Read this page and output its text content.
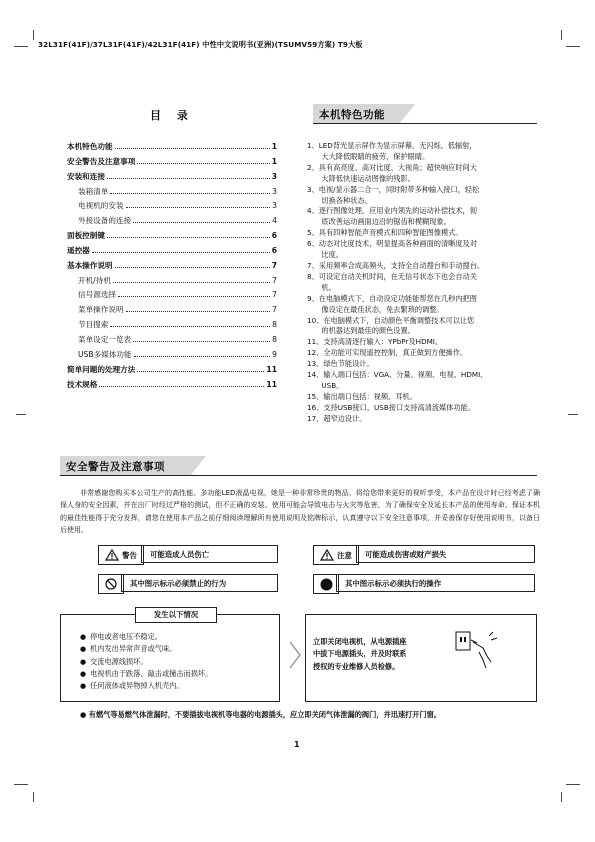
32L31F(41F)/37L31F(41F)/42L31F(41F) 中性中文说明书(亚洲)(TSUMV59方案) T9大板
目 录
本机特色功能	1
安全警告及注意事项	1
安装和连接	3
装箱清单	3
电视机的安装	3
外接设备的连接	4
面板控制键	6
遥控器	6
基本操作说明	7
开机/待机	7
信号源选择	7
菜单操作说明	7
节目搜索	8
菜单设定一览表	8
USB多媒体功能	9
简单问题的处理方法	11
技术规格	11
本机特色功能
1、LED背光显示屏作为显示屏幕，无闪烁、低辐射，
　　大大降低眼睛的疲劳，保护眼睛。
2、具有高亮度、高对比度、大视角；超快响应时间大
　　大降低快速运动图像的残影。
3、电视/显示器二合一，同时附带多种输入接口，轻松
　　切换各种状态。
4、逐行图像处理，应用业内领先的运动补偿技术，彻
　　底改善运动画面边沿的锯齿和模糊现象。
5、具有四种智能声音模式和四种智能图像模式。
6、动态对比度技术，明显提高各种画面的清晰度及对
　　比度。
7、采用频率合成高频头，支持全自动搜台和手动搜台。
8、可设定自动关机时间，在无信号状态下也会自动关
　　机。
9、在电脑模式下，自动设定功能能帮您在几秒内把图
　　像设定在最佳状态，免去繁琐的调整。
10、在电脑模式下，自动颜色平衡调整技术可以让您
　　的机器达到最佳的颜色设置。
11、支持高清逐行输入：YPbPr及HDMI。
12、全功能可实现遥控控制，真正做到方便操作。
13、绿色节能设计。
14、输入端口包括：VGA、分量、视频、电视、HDMI、
　　USB。
15、输出端口包括：视频、耳机。
16、支持USB接口，USB接口支持高清流媒体功能。
17、超窄边设计。
安全警告及注意事项
非常感谢您购买本公司生产的高性能、多功能LED液晶电视，她是一种非常珍贵的物品，将给您带来更好的视听享受，本产品在设计时已经考虑了确保人身的安全因素，并在出厂时经过严格的测试，但不正确的安装、使用可能会导致电击与火灾等危害，为了确保安全及延长本产品的使用寿命、保证本机的最佳性能得于充分发挥，请您在使用本产品之前仔细阅读理解所有使用说明及铭牌标示，认真遵守以下安全注意事项，并妥善保存好使用说明书，以备日后使用。
警告	可能造成人员伤亡	注意	可能造成伤害或财产损失
其中图示标示必须禁止的行为	其中图示标示必须执行的操作
发生以下情况
● 停电或者电压不稳定。
● 机内发出异常声音或气味。
● 交流电源线损坏。
● 电视机由于跌落、敲击或撞击而损坏。
● 任何液体或异物掉入机壳内。
立即关闭电视机，从电源插座
中拔下电源插头，并及时联系
授权的专业维修人员检修。
● 有燃气等易燃气体泄漏时，不要插拔电视机等电器的电源插头，应立即关闭气体泄漏的阀门，并迅速打开门窗。
1
